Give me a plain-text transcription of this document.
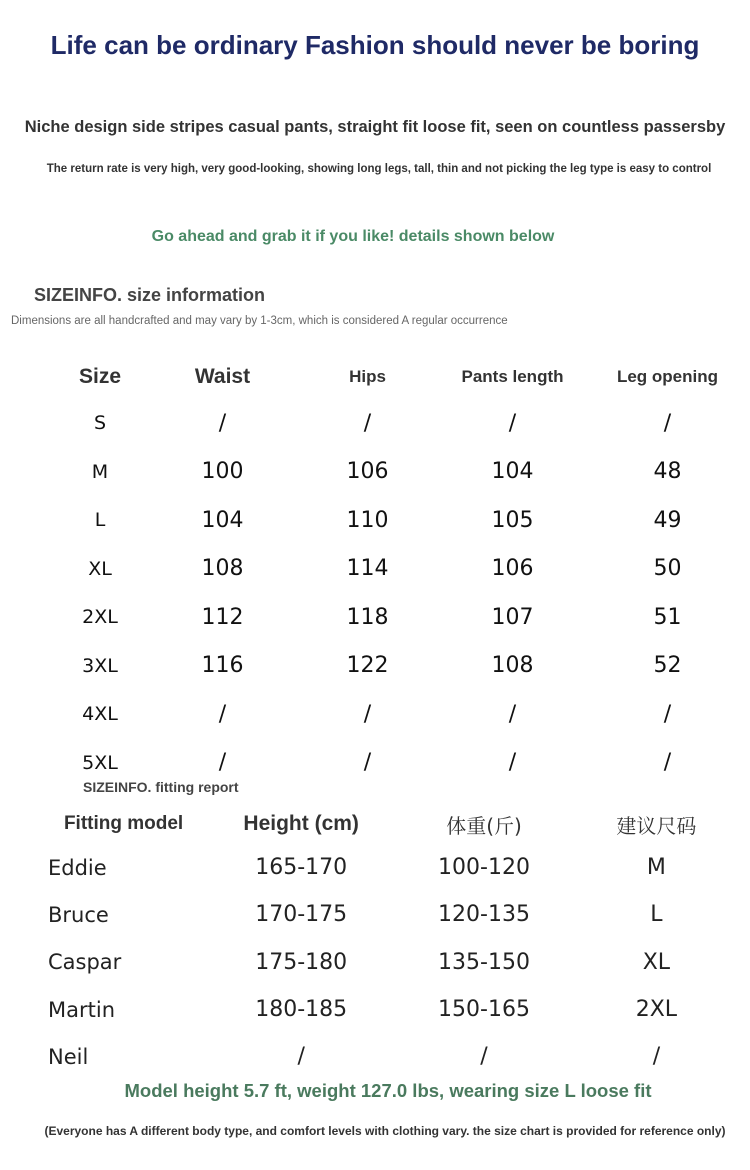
Life can be ordinary Fashion should never be boring
Niche design side stripes casual pants, straight fit loose fit, seen on countless passersby
The return rate is very high, very good-looking, showing long legs, tall, thin and not picking the leg type is easy to control
Go ahead and grab it if you like! details shown below
SIZEINFO. size information
Dimensions are all handcrafted and may vary by 1-3cm, which is considered A regular occurrence
Size	Waist	Hips	Pants length	Leg opening
S	/	/	/	/
M	100	106	104	48
L	104	110	105	49
XL	108	114	106	50
2XL	112	118	107	51
3XL	116	122	108	52
4XL	/	/	/	/
5XL	/	/	/	/
SIZEINFO. fitting report
Fitting model	Height (cm)	体重(斤)	建议尺码
Eddie	165-170	100-120	M
Bruce	170-175	120-135	L
Caspar	175-180	135-150	XL
Martin	180-185	150-165	2XL
Neil	/	/	/
Model height 5.7 ft, weight 127.0 lbs, wearing size L loose fit
(Everyone has A different body type, and comfort levels with clothing vary. the size chart is provided for reference only)
